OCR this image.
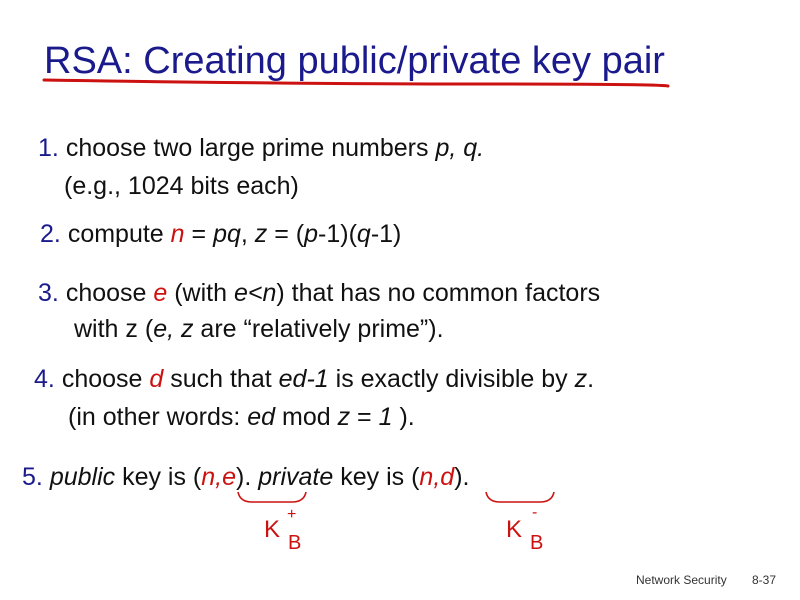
RSA: Creating public/private key pair
1. choose two large prime numbers p, q.
(e.g., 1024 bits each)
2. compute n = pq, z = (p-1)(q-1)
3. choose e (with e<n) that has no common factors
with z (e, z are “relatively prime”).
4. choose d such that ed-1 is exactly divisible by z.
(in other words: ed mod z = 1 ).
5. public key is (n,e). private key is (n,d).
K
+
B	K
-
B
Network Security 8-37
